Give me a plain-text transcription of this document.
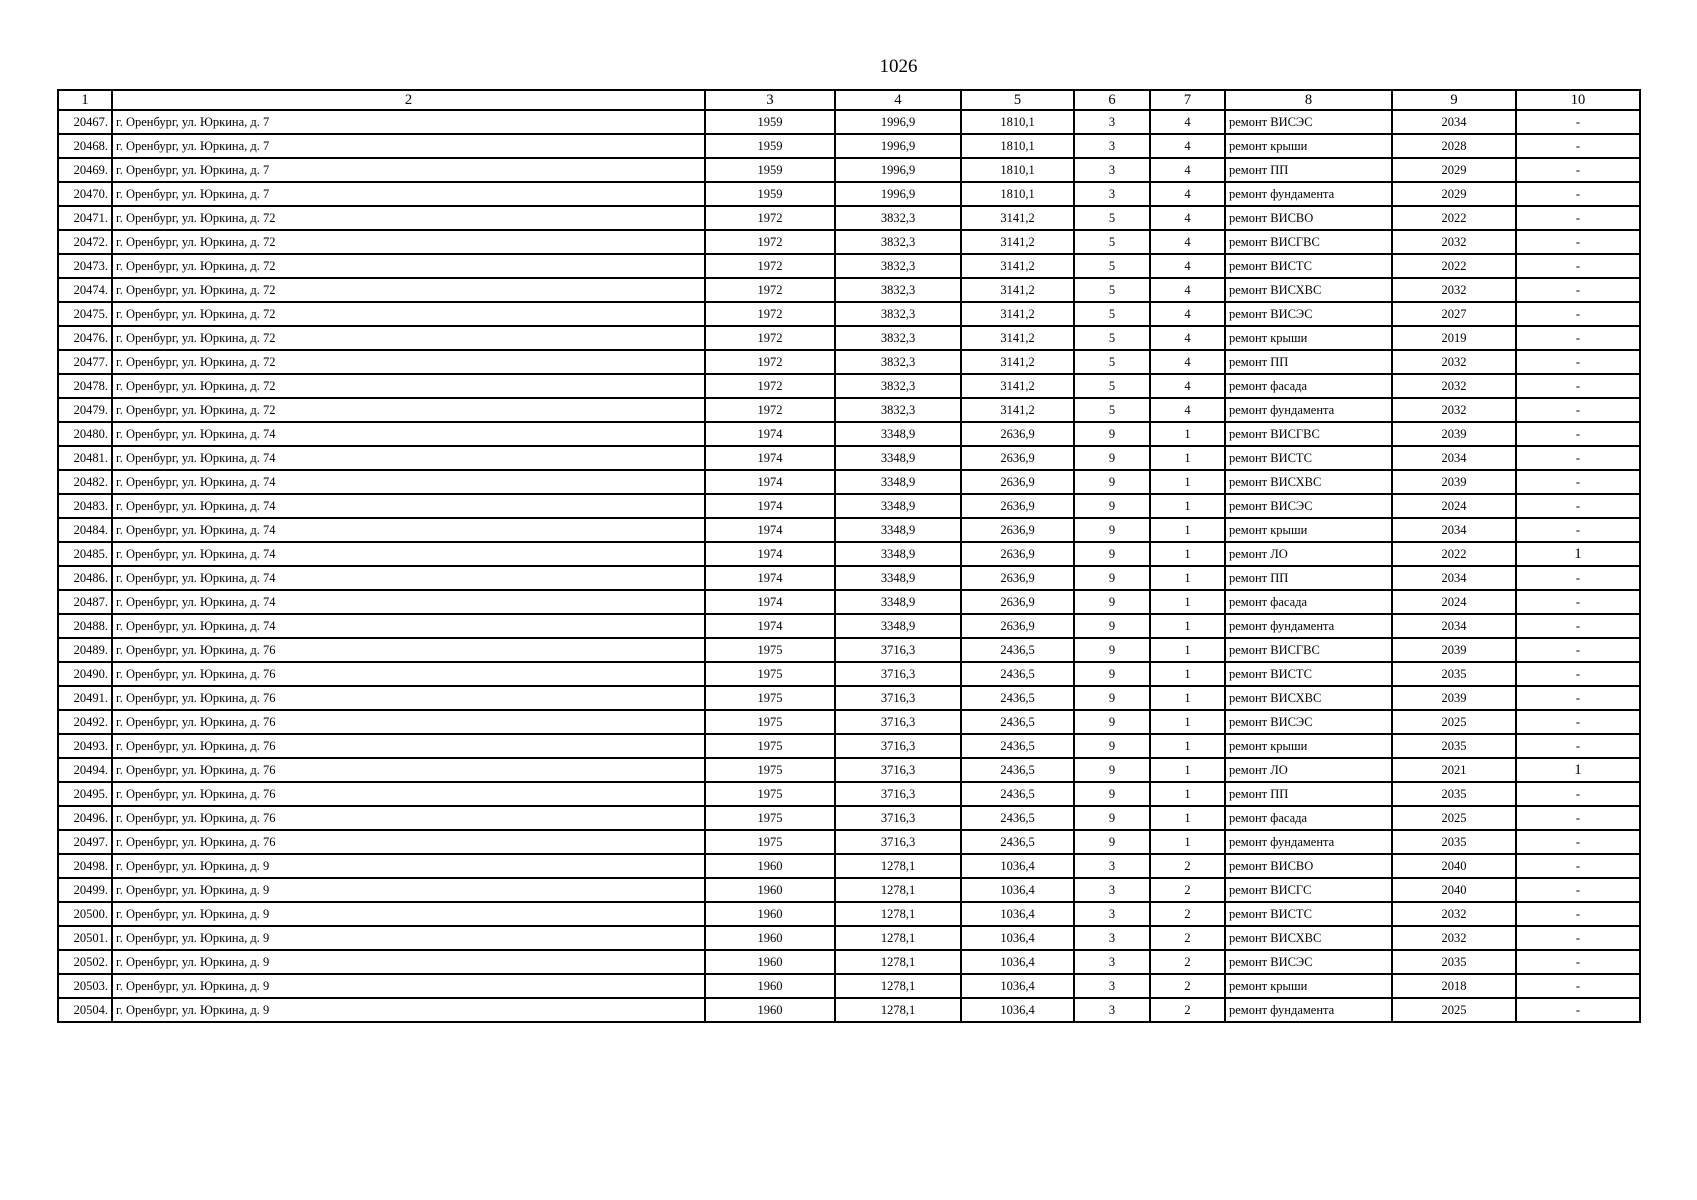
1026
1	2	3	4	5	6	7	8	9	10
20467.	г. Оренбург, ул. Юркина, д. 7	1959	1996,9	1810,1	3	4	ремонт ВИСЭС	2034	-
20468.	г. Оренбург, ул. Юркина, д. 7	1959	1996,9	1810,1	3	4	ремонт крыши	2028	-
20469.	г. Оренбург, ул. Юркина, д. 7	1959	1996,9	1810,1	3	4	ремонт ПП	2029	-
20470.	г. Оренбург, ул. Юркина, д. 7	1959	1996,9	1810,1	3	4	ремонт фундамента	2029	-
20471.	г. Оренбург, ул. Юркина, д. 72	1972	3832,3	3141,2	5	4	ремонт ВИСВО	2022	-
20472.	г. Оренбург, ул. Юркина, д. 72	1972	3832,3	3141,2	5	4	ремонт ВИСГВС	2032	-
20473.	г. Оренбург, ул. Юркина, д. 72	1972	3832,3	3141,2	5	4	ремонт ВИСТС	2022	-
20474.	г. Оренбург, ул. Юркина, д. 72	1972	3832,3	3141,2	5	4	ремонт ВИСХВС	2032	-
20475.	г. Оренбург, ул. Юркина, д. 72	1972	3832,3	3141,2	5	4	ремонт ВИСЭС	2027	-
20476.	г. Оренбург, ул. Юркина, д. 72	1972	3832,3	3141,2	5	4	ремонт крыши	2019	-
20477.	г. Оренбург, ул. Юркина, д. 72	1972	3832,3	3141,2	5	4	ремонт ПП	2032	-
20478.	г. Оренбург, ул. Юркина, д. 72	1972	3832,3	3141,2	5	4	ремонт фасада	2032	-
20479.	г. Оренбург, ул. Юркина, д. 72	1972	3832,3	3141,2	5	4	ремонт фундамента	2032	-
20480.	г. Оренбург, ул. Юркина, д. 74	1974	3348,9	2636,9	9	1	ремонт ВИСГВС	2039	-
20481.	г. Оренбург, ул. Юркина, д. 74	1974	3348,9	2636,9	9	1	ремонт ВИСТС	2034	-
20482.	г. Оренбург, ул. Юркина, д. 74	1974	3348,9	2636,9	9	1	ремонт ВИСХВС	2039	-
20483.	г. Оренбург, ул. Юркина, д. 74	1974	3348,9	2636,9	9	1	ремонт ВИСЭС	2024	-
20484.	г. Оренбург, ул. Юркина, д. 74	1974	3348,9	2636,9	9	1	ремонт крыши	2034	-
20485.	г. Оренбург, ул. Юркина, д. 74	1974	3348,9	2636,9	9	1	ремонт ЛО	2022	1
20486.	г. Оренбург, ул. Юркина, д. 74	1974	3348,9	2636,9	9	1	ремонт ПП	2034	-
20487.	г. Оренбург, ул. Юркина, д. 74	1974	3348,9	2636,9	9	1	ремонт фасада	2024	-
20488.	г. Оренбург, ул. Юркина, д. 74	1974	3348,9	2636,9	9	1	ремонт фундамента	2034	-
20489.	г. Оренбург, ул. Юркина, д. 76	1975	3716,3	2436,5	9	1	ремонт ВИСГВС	2039	-
20490.	г. Оренбург, ул. Юркина, д. 76	1975	3716,3	2436,5	9	1	ремонт ВИСТС	2035	-
20491.	г. Оренбург, ул. Юркина, д. 76	1975	3716,3	2436,5	9	1	ремонт ВИСХВС	2039	-
20492.	г. Оренбург, ул. Юркина, д. 76	1975	3716,3	2436,5	9	1	ремонт ВИСЭС	2025	-
20493.	г. Оренбург, ул. Юркина, д. 76	1975	3716,3	2436,5	9	1	ремонт крыши	2035	-
20494.	г. Оренбург, ул. Юркина, д. 76	1975	3716,3	2436,5	9	1	ремонт ЛО	2021	1
20495.	г. Оренбург, ул. Юркина, д. 76	1975	3716,3	2436,5	9	1	ремонт ПП	2035	-
20496.	г. Оренбург, ул. Юркина, д. 76	1975	3716,3	2436,5	9	1	ремонт фасада	2025	-
20497.	г. Оренбург, ул. Юркина, д. 76	1975	3716,3	2436,5	9	1	ремонт фундамента	2035	-
20498.	г. Оренбург, ул. Юркина, д. 9	1960	1278,1	1036,4	3	2	ремонт ВИСВО	2040	-
20499.	г. Оренбург, ул. Юркина, д. 9	1960	1278,1	1036,4	3	2	ремонт ВИСГС	2040	-
20500.	г. Оренбург, ул. Юркина, д. 9	1960	1278,1	1036,4	3	2	ремонт ВИСТС	2032	-
20501.	г. Оренбург, ул. Юркина, д. 9	1960	1278,1	1036,4	3	2	ремонт ВИСХВС	2032	-
20502.	г. Оренбург, ул. Юркина, д. 9	1960	1278,1	1036,4	3	2	ремонт ВИСЭС	2035	-
20503.	г. Оренбург, ул. Юркина, д. 9	1960	1278,1	1036,4	3	2	ремонт крыши	2018	-
20504.	г. Оренбург, ул. Юркина, д. 9	1960	1278,1	1036,4	3	2	ремонт фундамента	2025	-
